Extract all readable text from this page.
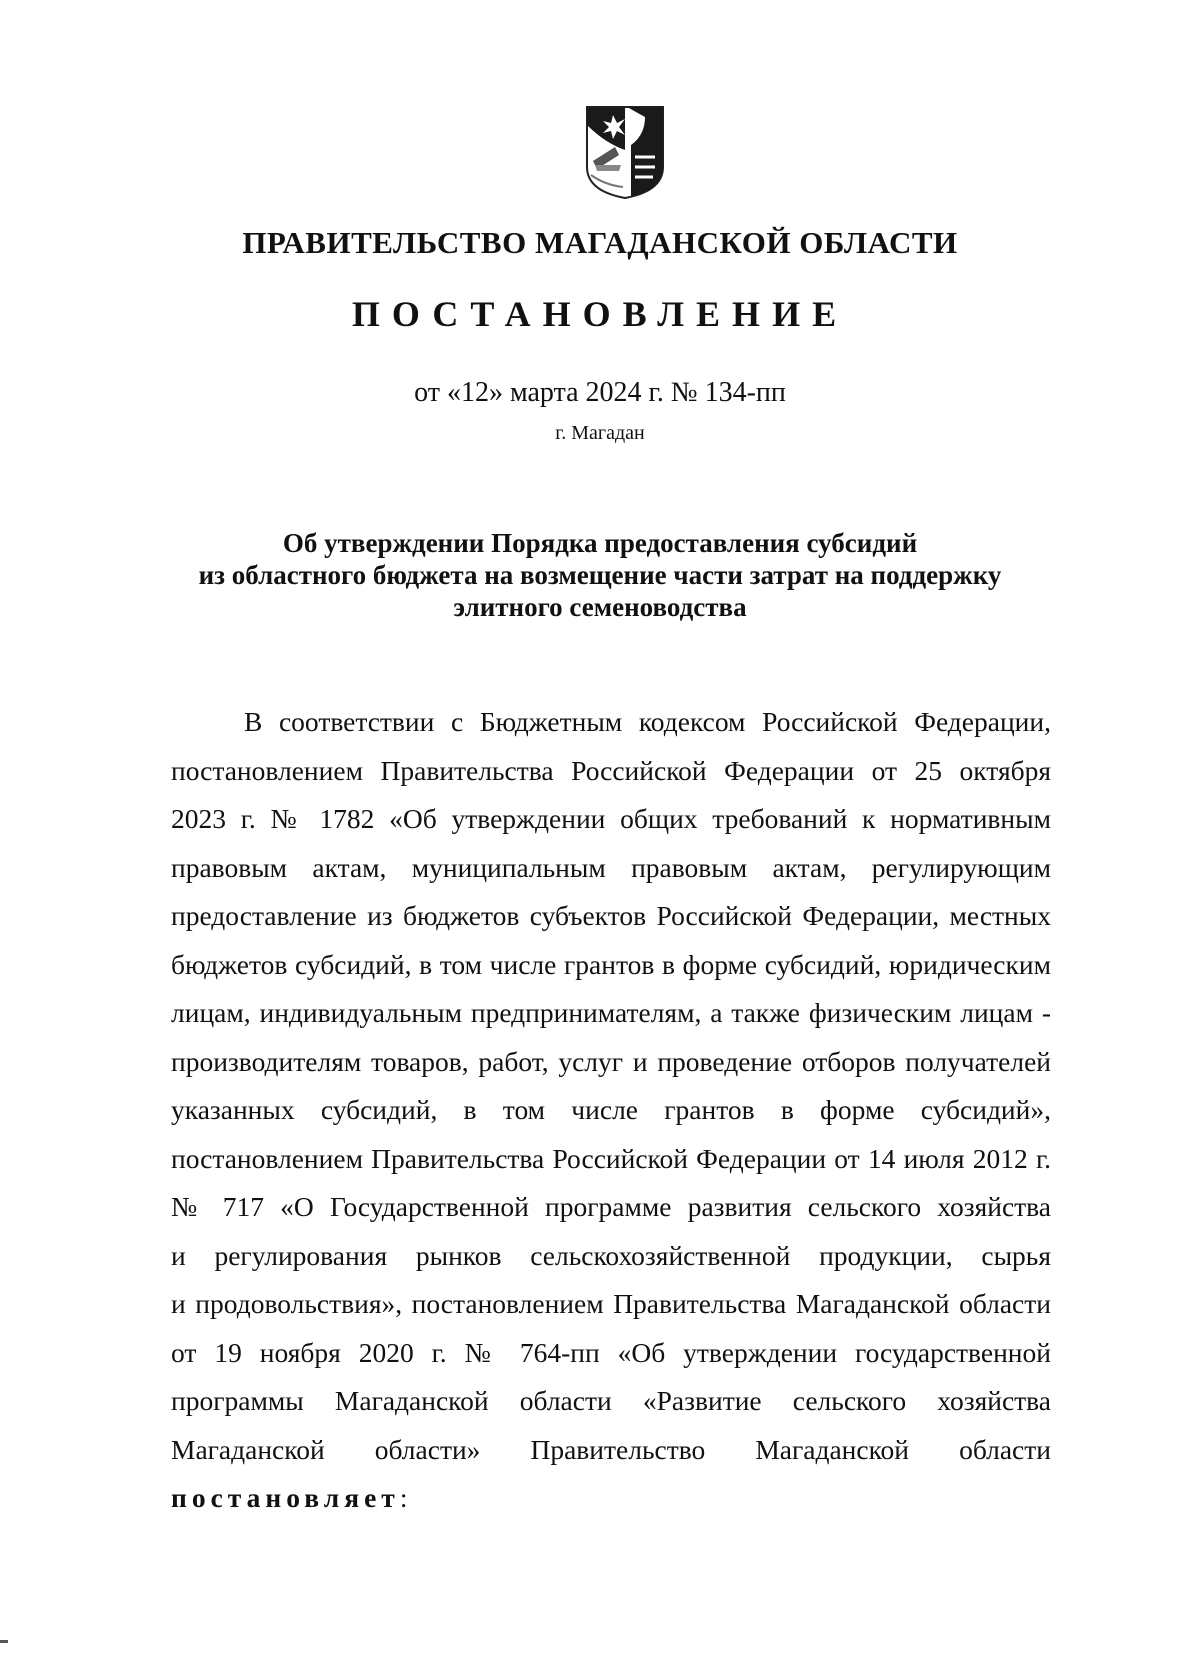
ПРАВИТЕЛЬСТВО МАГАДАНСКОЙ ОБЛАСТИ
ПОСТАНОВЛЕНИЕ
от «12» марта 2024 г. № 134-пп
г. Магадан
Об утверждении Порядка предоставления субсидий
из областного бюджета на возмещение части затрат на поддержку
элитного семеноводства
В соответствии с Бюджетным кодексом Российской Федерации,
постановлением Правительства Российской Федерации от 25 октября
2023 г. № 1782 «Об утверждении общих требований к нормативным
правовым актам, муниципальным правовым актам, регулирующим
предоставление из бюджетов субъектов Российской Федерации, местных
бюджетов субсидий, в том числе грантов в форме субсидий, юридическим
лицам, индивидуальным предпринимателям, а также физическим лицам -
производителям товаров, работ, услуг и проведение отборов получателей
указанных субсидий, в том числе грантов в форме субсидий»,
постановлением Правительства Российской Федерации от 14 июля 2012 г.
№ 717 «О Государственной программе развития сельского хозяйства
и регулирования рынков сельскохозяйственной продукции, сырья
и продовольствия», постановлением Правительства Магаданской области
от 19 ноября 2020 г. № 764-пп «Об утверждении государственной
программы Магаданской области «Развитие сельского хозяйства
Магаданской области» Правительство Магаданской области
постановляет:
